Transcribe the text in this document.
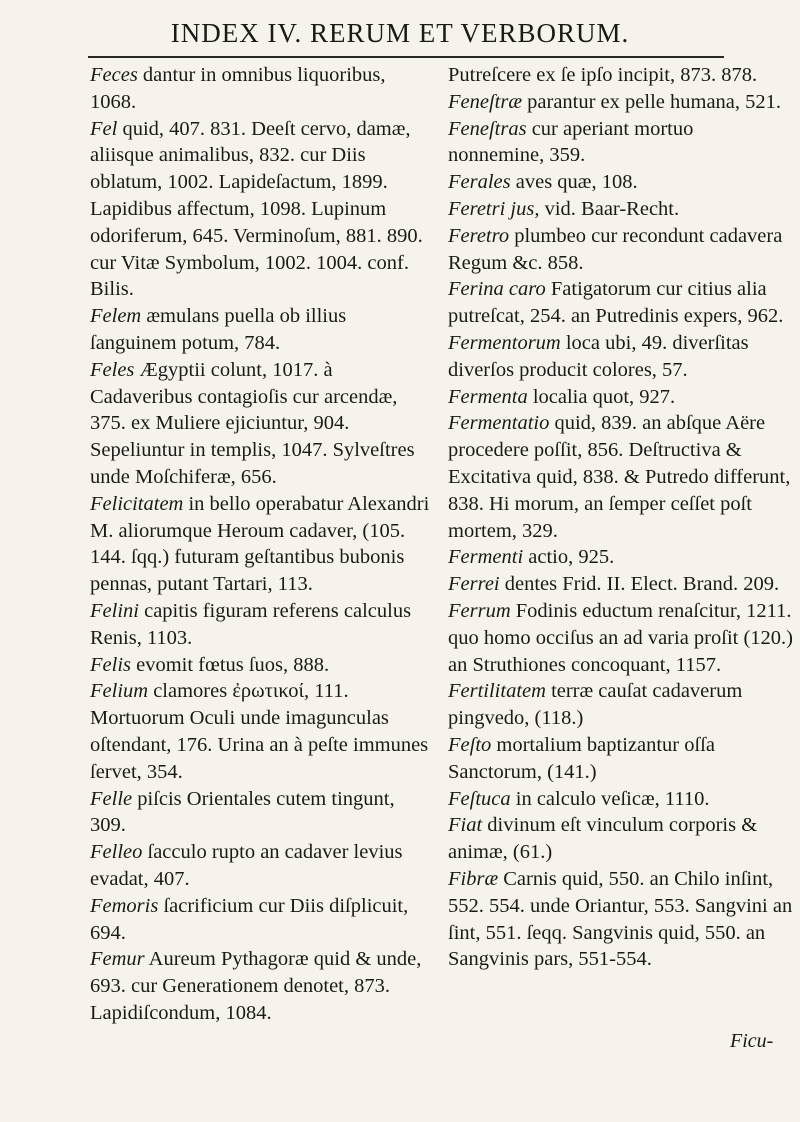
INDEX IV. RERUM ET VERBORUM.

Feces dantur in omnibus liquoribus, 1068.

Fel quid, 407. 831. Deeſt cervo, damæ, aliisque animalibus, 832. cur Diis oblatum, 1002. Lapideſactum, 1899. Lapidibus affectum, 1098. Lupinum odoriferum, 645. Verminoſum, 881. 890. cur Vitæ Symbolum, 1002. 1004. conf. Bilis.

Felem æmulans puella ob illius ſanguinem potum, 784.

Feles Ægyptii colunt, 1017. à Cadaveribus contagioſis cur arcendæ, 375. ex Muliere ejiciuntur, 904. Sepeliuntur in templis, 1047. Sylveſtres unde Moſchiferæ, 656.

Felicitatem in bello operabatur Alexandri M. aliorumque Heroum cadaver, (105. 144. ſqq.) futuram geſtantibus bubonis pennas, putant Tartari, 113.

Felini capitis figuram referens calculus Renis, 1103.

Felis evomit fœtus ſuos, 888.

Felium clamores ἐρωτικοί, 111. Mortuorum Oculi unde imagunculas oſtendant, 176. Urina an à peſte immunes ſervet, 354.

Felle piſcis Orientales cutem tingunt, 309.

Felleo ſacculo rupto an cadaver levius evadat, 407.

Femoris ſacrificium cur Diis diſplicuit, 694.

Femur Aureum Pythagoræ quid & unde, 693. cur Generationem denotet, 873. Lapidiſcondum, 1084.

Putreſcere ex ſe ipſo incipit, 873. 878.

Feneſtræ parantur ex pelle humana, 521.

Feneſtras cur aperiant mortuo nonnemine, 359.

Ferales aves quæ, 108.

Feretri jus, vid. Baar-Recht.

Feretro plumbeo cur recondunt cadavera Regum &c. 858.

Ferina caro Fatigatorum cur citius alia putreſcat, 254. an Putredinis expers, 962.

Fermentorum loca ubi, 49. diverſitas diverſos producit colores, 57.

Fermenta localia quot, 927.

Fermentatio quid, 839. an abſque Aëre procedere poſſit, 856. Deſtructiva & Excitativa quid, 838. & Putredo differunt, 838. Hi morum, an ſemper ceſſet poſt mortem, 329.

Fermenti actio, 925.

Ferrei dentes Frid. II. Elect. Brand. 209.

Ferrum Fodinis eductum renaſcitur, 1211. quo homo occiſus an ad varia proſit (120.) an Struthiones concoquant, 1157.

Fertilitatem terræ cauſat cadaverum pingvedo, (118.)

Feſto mortalium baptizantur oſſa Sanctorum, (141.)

Feſtuca in calculo veſicæ, 1110.

Fiat divinum eſt vinculum corporis & animæ, (61.)

Fibræ Carnis quid, 550. an Chilo inſint, 552. 554. unde Oriantur, 553. Sangvini an ſint, 551. ſeqq. Sangvinis quid, 550. an Sangvinis pars, 551-554.

Ficu-
